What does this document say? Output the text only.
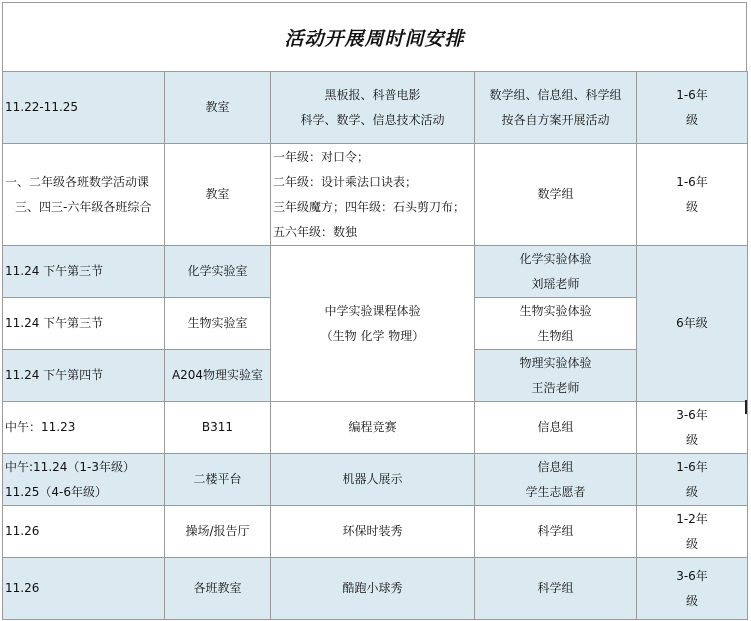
活动开展周时间安排
11.22-11.25	教室	黑板报、科普电影
科学、数学、信息技术活动	数学组、信息组、科学组
按各自方案开展活动	1-6年
级

一、二年级各班数学活动课
三、四三-六年级各班综合	教室	一年级：对口令；
二年级：设计乘法口诀表；
三年级魔方；四年级：石头剪刀布；
五六年级：数独	数学组	1-6年
级

11.24 下午第三节	化学实验室	中学实验课程体验
（生物 化学 物理）	化学实验体验
刘瑶老师	6年级

11.24 下午第三节	生物实验室		生物实验体验
生物组	

11.24 下午第四节	A204物理实验室		物理实验体验
王浩老师	

中午：11.23	B311	编程竞赛	信息组	3-6年
级

中午:11.24（1-3年级）
11.25（4-6年级）	二楼平台	机器人展示	信息组
学生志愿者	1-6年
级

11.26	操场/报告厅	环保时装秀	科学组	1-2年
级

11.26	各班教室	酷跑小球秀	科学组	3-6年
级
